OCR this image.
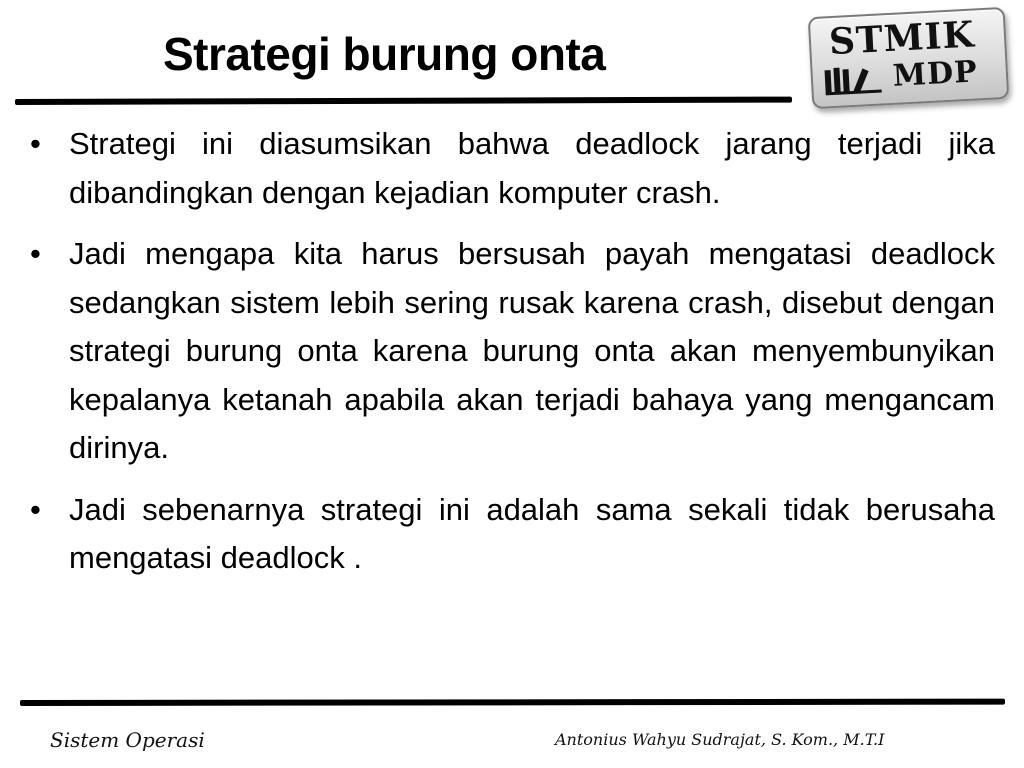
Strategi burung onta	STMIK
MDP
• Strategi ini diasumsikan bahwa deadlock jarang terjadi jika dibandingkan dengan kejadian komputer crash.
• Jadi mengapa kita harus bersusah payah mengatasi deadlock sedangkan sistem lebih sering rusak karena crash, disebut dengan strategi burung onta karena burung onta akan menyembunyikan kepalanya ketanah apabila akan terjadi bahaya yang mengancam dirinya.
• Jadi sebenarnya strategi ini adalah sama sekali tidak berusaha mengatasi deadlock .
Sistem Operasi	Antonius Wahyu Sudrajat, S. Kom., M.T.I
